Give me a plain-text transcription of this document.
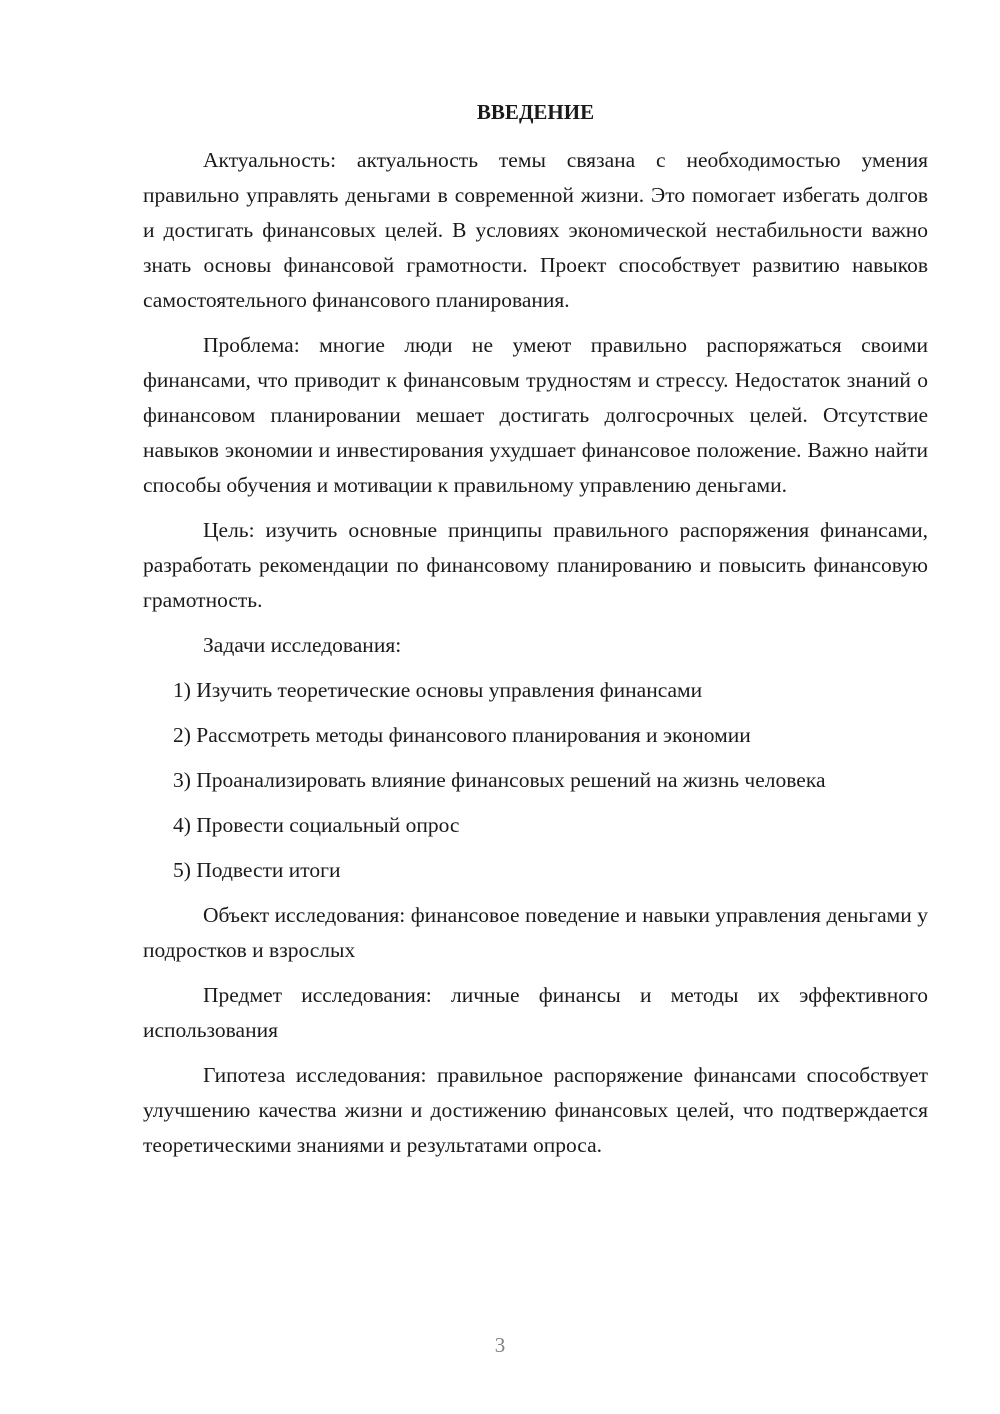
ВВЕДЕНИЕ

Актуальность: актуальность темы связана с необходимостью умения правильно управлять деньгами в современной жизни. Это помогает избегать долгов и достигать финансовых целей. В условиях экономической нестабильности важно знать основы финансовой грамотности. Проект способствует развитию навыков самостоятельного финансового планирования.

Проблема: многие люди не умеют правильно распоряжаться своими финансами, что приводит к финансовым трудностям и стрессу. Недостаток знаний о финансовом планировании мешает достигать долгосрочных целей. Отсутствие навыков экономии и инвестирования ухудшает финансовое положение. Важно найти способы обучения и мотивации к правильному управлению деньгами.

Цель: изучить основные принципы правильного распоряжения финансами, разработать рекомендации по финансовому планированию и повысить финансовую грамотность.

Задачи исследования:

1) Изучить теоретические основы управления финансами

2) Рассмотреть методы финансового планирования и экономии

3) Проанализировать влияние финансовых решений на жизнь человека

4) Провести социальный опрос

5) Подвести итоги

Объект исследования: финансовое поведение и навыки управления деньгами у подростков и взрослых

Предмет исследования: личные финансы и методы их эффективного использования

Гипотеза исследования: правильное распоряжение финансами способствует улучшению качества жизни и достижению финансовых целей, что подтверждается теоретическими знаниями и результатами опроса.

3
